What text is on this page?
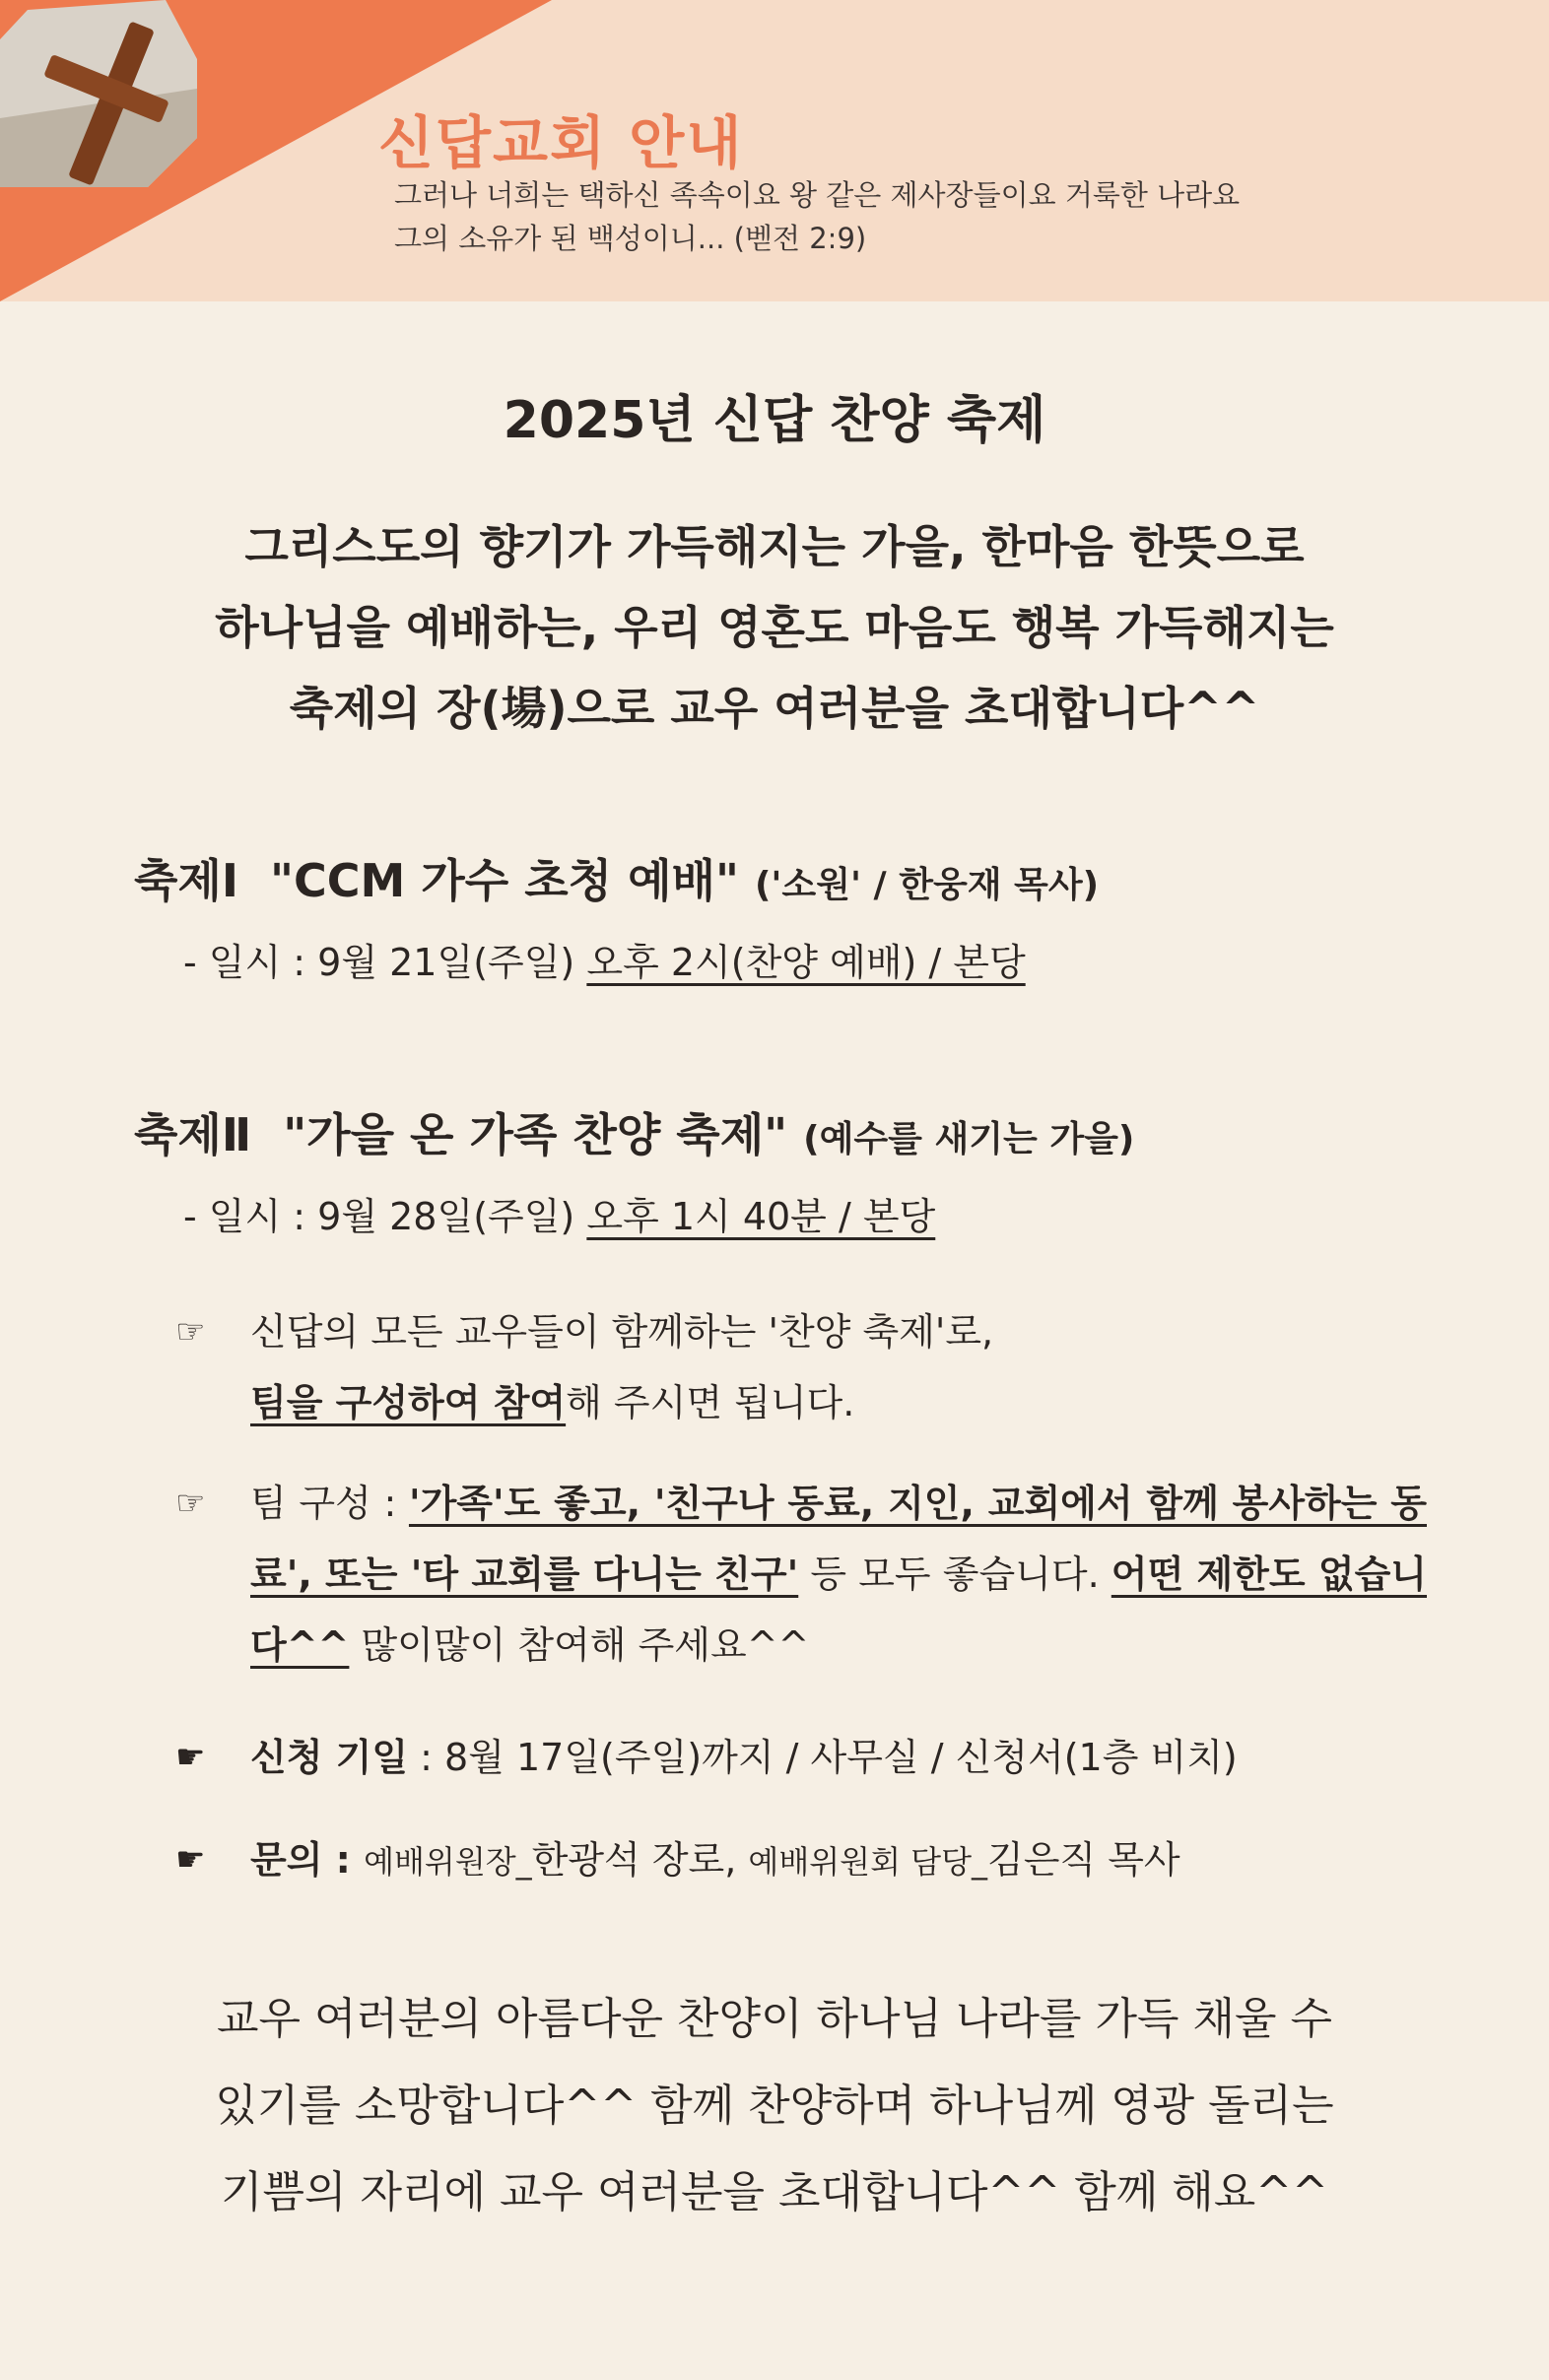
신답교회 안내
그러나 너희는 택하신 족속이요 왕 같은 제사장들이요 거룩한 나라요
그의 소유가 된 백성이니... (벧전 2:9)
2025년 신답 찬양 축제
그리스도의 향기가 가득해지는 가을, 한마음 한뜻으로
하나님을 예배하는, 우리 영혼도 마음도 행복 가득해지는
축제의 장(場)으로 교우 여러분을 초대합니다^^
축제Ⅰ "CCM 가수 초청 예배" ('소원' / 한웅재 목사)
- 일시 : 9월 21일(주일) 오후 2시(찬양 예배) / 본당
축제Ⅱ "가을 온 가족 찬양 축제" (예수를 새기는 가을)
- 일시 : 9월 28일(주일) 오후 1시 40분 / 본당
☞	신답의 모든 교우들이 함께하는 '찬양 축제'로,
팀을 구성하여 참여해 주시면 됩니다.
☞	팀 구성 : '가족'도 좋고, '친구나 동료, 지인, 교회에서 함께 봉사하는 동료', 또는 '타 교회를 다니는 친구' 등 모두 좋습니다. 어떤 제한도 없습니다^^ 많이많이 참여해 주세요^^
☛	신청 기일 : 8월 17일(주일)까지 / 사무실 / 신청서(1층 비치)
☛	문의 : 예배위원장_한광석 장로, 예배위원회 담당_김은직 목사
교우 여러분의 아름다운 찬양이 하나님 나라를 가득 채울 수
있기를 소망합니다^^ 함께 찬양하며 하나님께 영광 돌리는
기쁨의 자리에 교우 여러분을 초대합니다^^ 함께 해요^^
